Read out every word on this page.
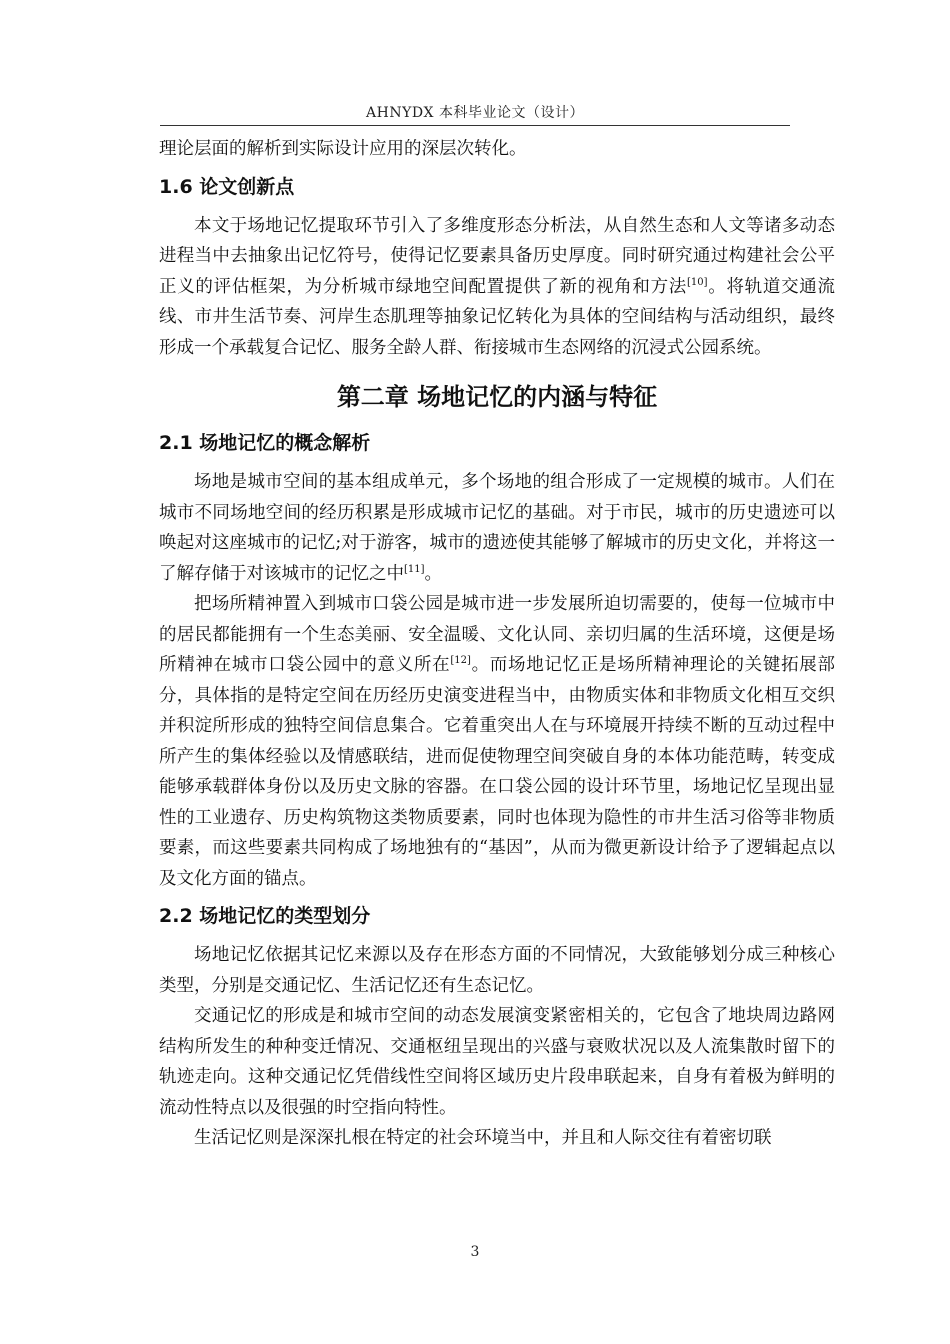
AHNYDX 本科毕业论文（设计）

理论层面的解析到实际设计应用的深层次转化。

1.6 论文创新点

本文于场地记忆提取环节引入了多维度形态分析法，从自然生态和人文等诸多动态进程当中去抽象出记忆符号，使得记忆要素具备历史厚度。同时研究通过构建社会公平正义的评估框架，为分析城市绿地空间配置提供了新的视角和方法[10]。将轨道交通流线、市井生活节奏、河岸生态肌理等抽象记忆转化为具体的空间结构与活动组织，最终形成一个承载复合记忆、服务全龄人群、衔接城市生态网络的沉浸式公园系统。

第二章 场地记忆的内涵与特征
2.1 场地记忆的概念解析

场地是城市空间的基本组成单元，多个场地的组合形成了一定规模的城市。人们在城市不同场地空间的经历积累是形成城市记忆的基础。对于市民，城市的历史遗迹可以唤起对这座城市的记忆;对于游客，城市的遗迹使其能够了解城市的历史文化，并将这一了解存储于对该城市的记忆之中[11]。

把场所精神置入到城市口袋公园是城市进一步发展所迫切需要的，使每一位城市中的居民都能拥有一个生态美丽、安全温暖、文化认同、亲切归属的生活环境，这便是场所精神在城市口袋公园中的意义所在[12]。而场地记忆正是场所精神理论的关键拓展部分，具体指的是特定空间在历经历史演变进程当中，由物质实体和非物质文化相互交织并积淀所形成的独特空间信息集合。它着重突出人在与环境展开持续不断的互动过程中所产生的集体经验以及情感联结，进而促使物理空间突破自身的本体功能范畴，转变成能够承载群体身份以及历史文脉的容器。在口袋公园的设计环节里，场地记忆呈现出显性的工业遗存、历史构筑物这类物质要素，同时也体现为隐性的市井生活习俗等非物质要素，而这些要素共同构成了场地独有的“基因”，从而为微更新设计给予了逻辑起点以及文化方面的锚点。

2.2 场地记忆的类型划分

场地记忆依据其记忆来源以及存在形态方面的不同情况，大致能够划分成三种核心类型，分别是交通记忆、生活记忆还有生态记忆。

交通记忆的形成是和城市空间的动态发展演变紧密相关的，它包含了地块周边路网结构所发生的种种变迁情况、交通枢纽呈现出的兴盛与衰败状况以及人流集散时留下的轨迹走向。这种交通记忆凭借线性空间将区域历史片段串联起来，自身有着极为鲜明的流动性特点以及很强的时空指向特性。

生活记忆则是深深扎根在特定的社会环境当中，并且和人际交往有着密切联

3
